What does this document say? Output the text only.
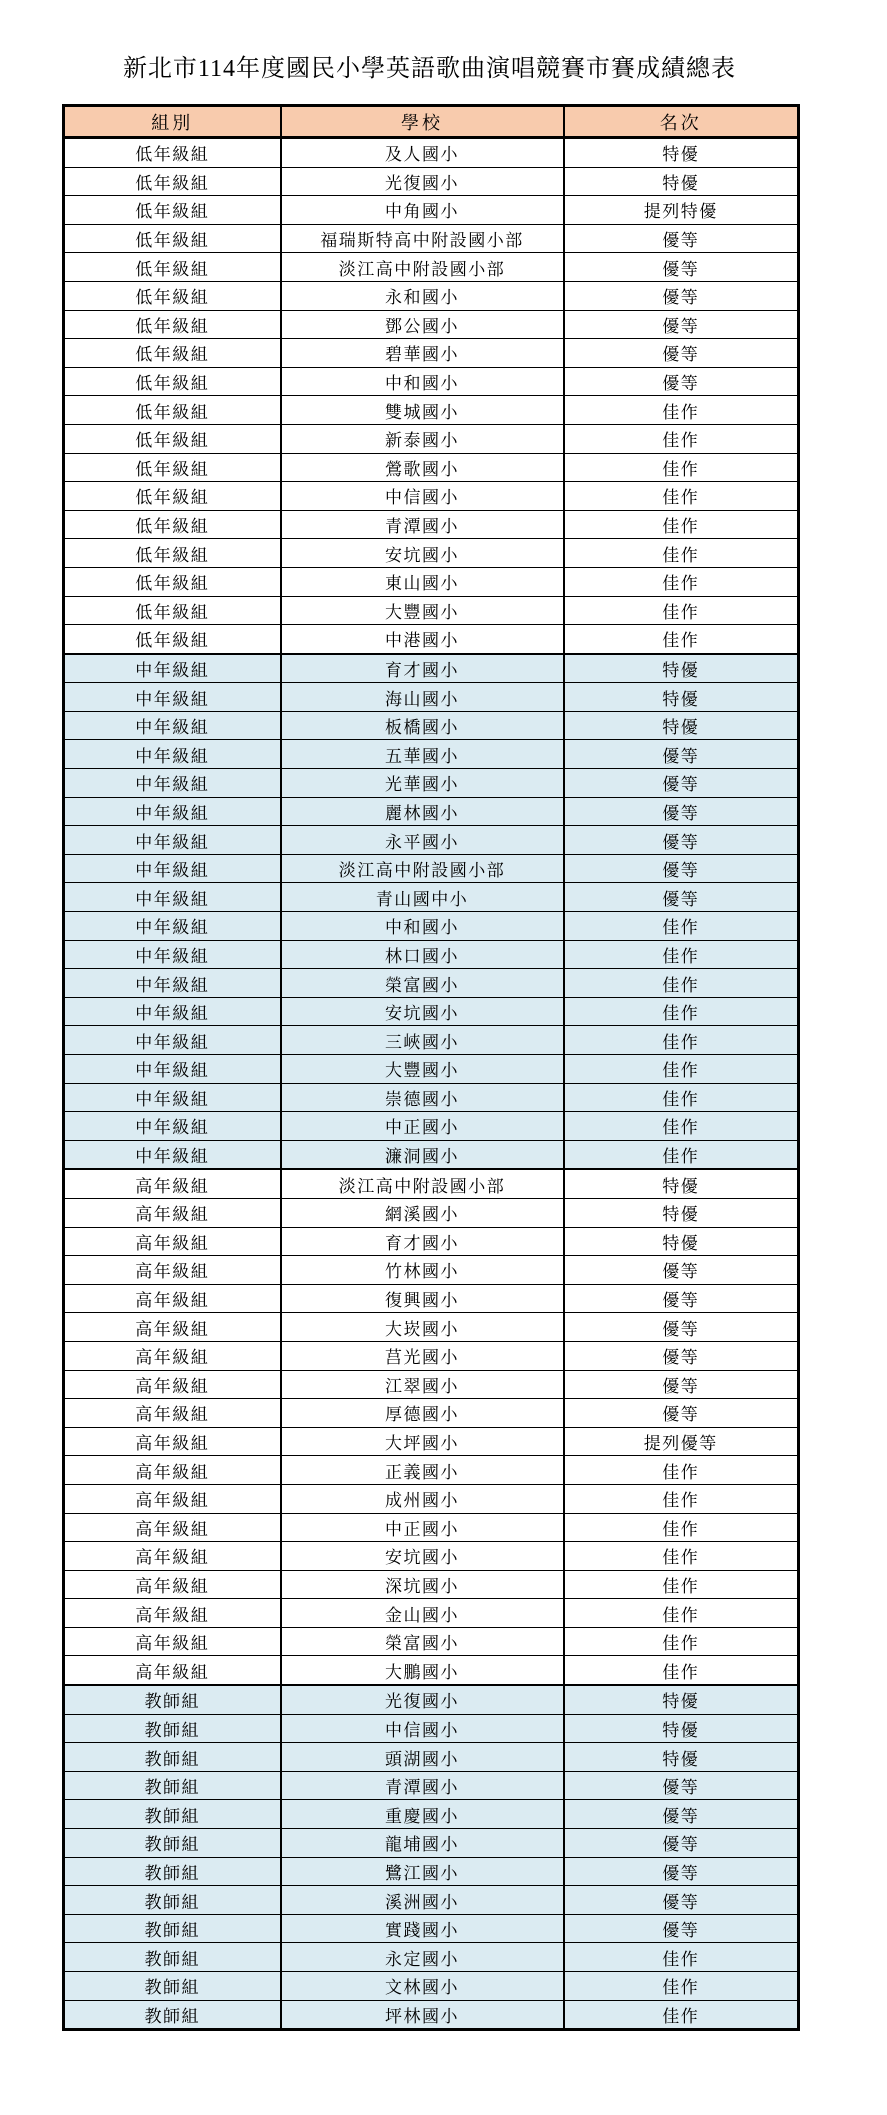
新北市114年度國民小學英語歌曲演唱競賽市賽成績總表
組別	學校	名次
低年級組	及人國小	特優
低年級組	光復國小	特優
低年級組	中角國小	提列特優
低年級組	福瑞斯特高中附設國小部	優等
低年級組	淡江高中附設國小部	優等
低年級組	永和國小	優等
低年級組	鄧公國小	優等
低年級組	碧華國小	優等
低年級組	中和國小	優等
低年級組	雙城國小	佳作
低年級組	新泰國小	佳作
低年級組	鶯歌國小	佳作
低年級組	中信國小	佳作
低年級組	青潭國小	佳作
低年級組	安坑國小	佳作
低年級組	東山國小	佳作
低年級組	大豐國小	佳作
低年級組	中港國小	佳作
中年級組	育才國小	特優
中年級組	海山國小	特優
中年級組	板橋國小	特優
中年級組	五華國小	優等
中年級組	光華國小	優等
中年級組	麗林國小	優等
中年級組	永平國小	優等
中年級組	淡江高中附設國小部	優等
中年級組	青山國中小	優等
中年級組	中和國小	佳作
中年級組	林口國小	佳作
中年級組	榮富國小	佳作
中年級組	安坑國小	佳作
中年級組	三峽國小	佳作
中年級組	大豐國小	佳作
中年級組	崇德國小	佳作
中年級組	中正國小	佳作
中年級組	濂洞國小	佳作
高年級組	淡江高中附設國小部	特優
高年級組	網溪國小	特優
高年級組	育才國小	特優
高年級組	竹林國小	優等
高年級組	復興國小	優等
高年級組	大崁國小	優等
高年級組	莒光國小	優等
高年級組	江翠國小	優等
高年級組	厚德國小	優等
高年級組	大坪國小	提列優等
高年級組	正義國小	佳作
高年級組	成州國小	佳作
高年級組	中正國小	佳作
高年級組	安坑國小	佳作
高年級組	深坑國小	佳作
高年級組	金山國小	佳作
高年級組	榮富國小	佳作
高年級組	大鵬國小	佳作
教師組	光復國小	特優
教師組	中信國小	特優
教師組	頭湖國小	特優
教師組	青潭國小	優等
教師組	重慶國小	優等
教師組	龍埔國小	優等
教師組	鷺江國小	優等
教師組	溪洲國小	優等
教師組	實踐國小	優等
教師組	永定國小	佳作
教師組	文林國小	佳作
教師組	坪林國小	佳作
